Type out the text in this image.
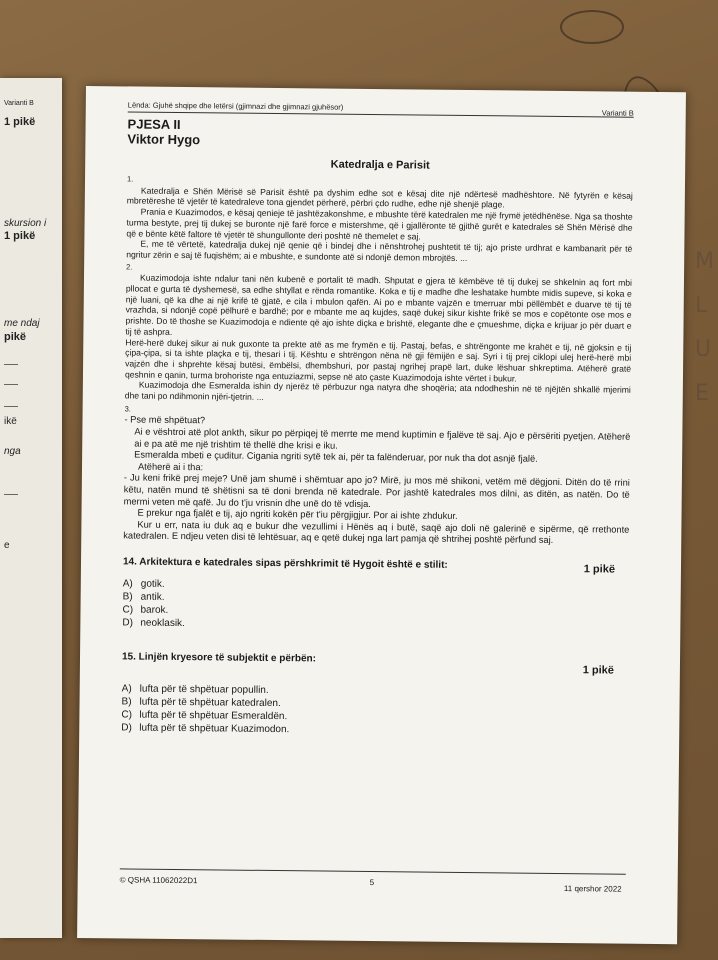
M
L
U
E
Varianti B
1 pikë
skursion i
1 pikë
me ndaj
pikë
ikë
nga
e
Lënda: Gjuhë shqipe dhe letërsi (gjimnazi dhe gjimnazi gjuhësor)
Varianti B
PJESA II
Viktor Hygo
Katedralja e Parisit
1.

Katedralja e Shën Mërisë së Parisit është pa dyshim edhe sot e kësaj dite një ndërtesë madhështore. Në fytyrën e kësaj mbretëreshe të vjetër të katedraleve tona gjendet përherë, përbri çdo rudhe, edhe një shenjë plage.

Prania e Kuazimodos, e kësaj qenieje të jashtëzakonshme, e mbushte tërë katedralen me një frymë jetëdhënëse. Nga sa thoshte turma bestyte, prej tij dukej se buronte një farë force e mistershme, që i gjallëronte të gjithë gurët e katedrales së Shën Mërisë dhe që e bënte këtë faltore të vjetër të shungullonte deri poshtë në themelet e saj.

E, me të vërtetë, katedralja dukej një qenie që i bindej dhe i nënshtrohej pushtetit të tij; ajo priste urdhrat e kambanarit për të ngritur zërin e saj të fuqishëm; ai e mbushte, e sundonte atë si ndonjë demon mbrojtës. ...

2.

Kuazimodoja ishte ndalur tani nën kubenë e portalit të madh. Shputat e gjera të këmbëve të tij dukej se shkelnin aq fort mbi pllocat e gurta të dyshemesë, sa edhe shtyllat e rënda romantike. Koka e tij e madhe dhe leshatake humbte midis supeve, si koka e një luani, që ka dhe ai një krifë të gjatë, e cila i mbulon qafën. Ai po e mbante vajzën e tmerruar mbi pëllëmbët e duarve të tij të vrazhda, si ndonjë copë pëlhurë e bardhë; por e mbante me aq kujdes, saqë dukej sikur kishte frikë se mos e copëtonte ose mos e prishte. Do të thoshe se Kuazimodoja e ndiente që ajo ishte diçka e brishtë, elegante dhe e çmueshme, diçka e krijuar jo për duart e tij të ashpra.

Herë-herë dukej sikur ai nuk guxonte ta prekte atë as me frymën e tij. Pastaj, befas, e shtrëngonte me krahët e tij, në gjoksin e tij çipa-çipa, si ta ishte plaçka e tij, thesari i tij. Kështu e shtrëngon nëna në gji fëmijën e saj. Syri i tij prej ciklopi ulej herë-herë mbi vajzën dhe i shprehte kësaj butësi, ëmbëlsi, dhembshuri, por pastaj ngrihej prapë lart, duke lëshuar shkreptima. Atëherë gratë qeshnin e qanin, turma brohoriste nga entuziazmi, sepse në ato çaste Kuazimodoja ishte vërtet i bukur.

Kuazimodoja dhe Esmeralda ishin dy njerëz të përbuzur nga natyra dhe shoqëria; ata ndodheshin në të njëjtën shkallë mjerimi dhe tani po ndihmonin njëri-tjetrin. ...

3.

- Pse më shpëtuat?

Ai e vështroi atë plot ankth, sikur po përpiqej të merrte me mend kuptimin e fjalëve të saj. Ajo e përsëriti pyetjen. Atëherë ai e pa atë me një trishtim të thellë dhe krisi e iku.

Esmeralda mbeti e çuditur. Cigania ngriti sytë tek ai, për ta falënderuar, por nuk tha dot asnjë fjalë.

Atëherë ai i tha:

- Ju keni frikë prej meje? Unë jam shumë i shëmtuar apo jo? Mirë, ju mos më shikoni, vetëm më dëgjoni. Ditën do të rrini këtu, natën mund të shëtisni sa të doni brenda në katedrale. Por jashtë katedrales mos dilni, as ditën, as natën. Do të mermi veten më qafë. Ju do t'ju vrisnin dhe unë do të vdisja.

E prekur nga fjalët e tij, ajo ngriti kokën për t'iu përgjigjur. Por ai ishte zhdukur.

Kur u err, nata iu duk aq e bukur dhe vezullimi i Hënës aq i butë, saqë ajo doli në galerinë e sipërme, që rrethonte katedralen. E ndjeu veten disi të lehtësuar, aq e qetë dukej nga lart pamja që shtrihej poshtë përfund saj.

14. Arkitektura e katedrales sipas përshkrimit të Hygoit është e stilit:	1 pikë
A) gotik.
B) antik.
C) barok.
D) neoklasik.
15. Linjën kryesore të subjektit e përbën:
1 pikë
A) lufta për të shpëtuar popullin.
B) lufta për të shpëtuar katedralen.
C) lufta për të shpëtuar Esmeraldën.
D) lufta për të shpëtuar Kuazimodon.
© QSHA 11062022D1	5
11 qershor 2022
